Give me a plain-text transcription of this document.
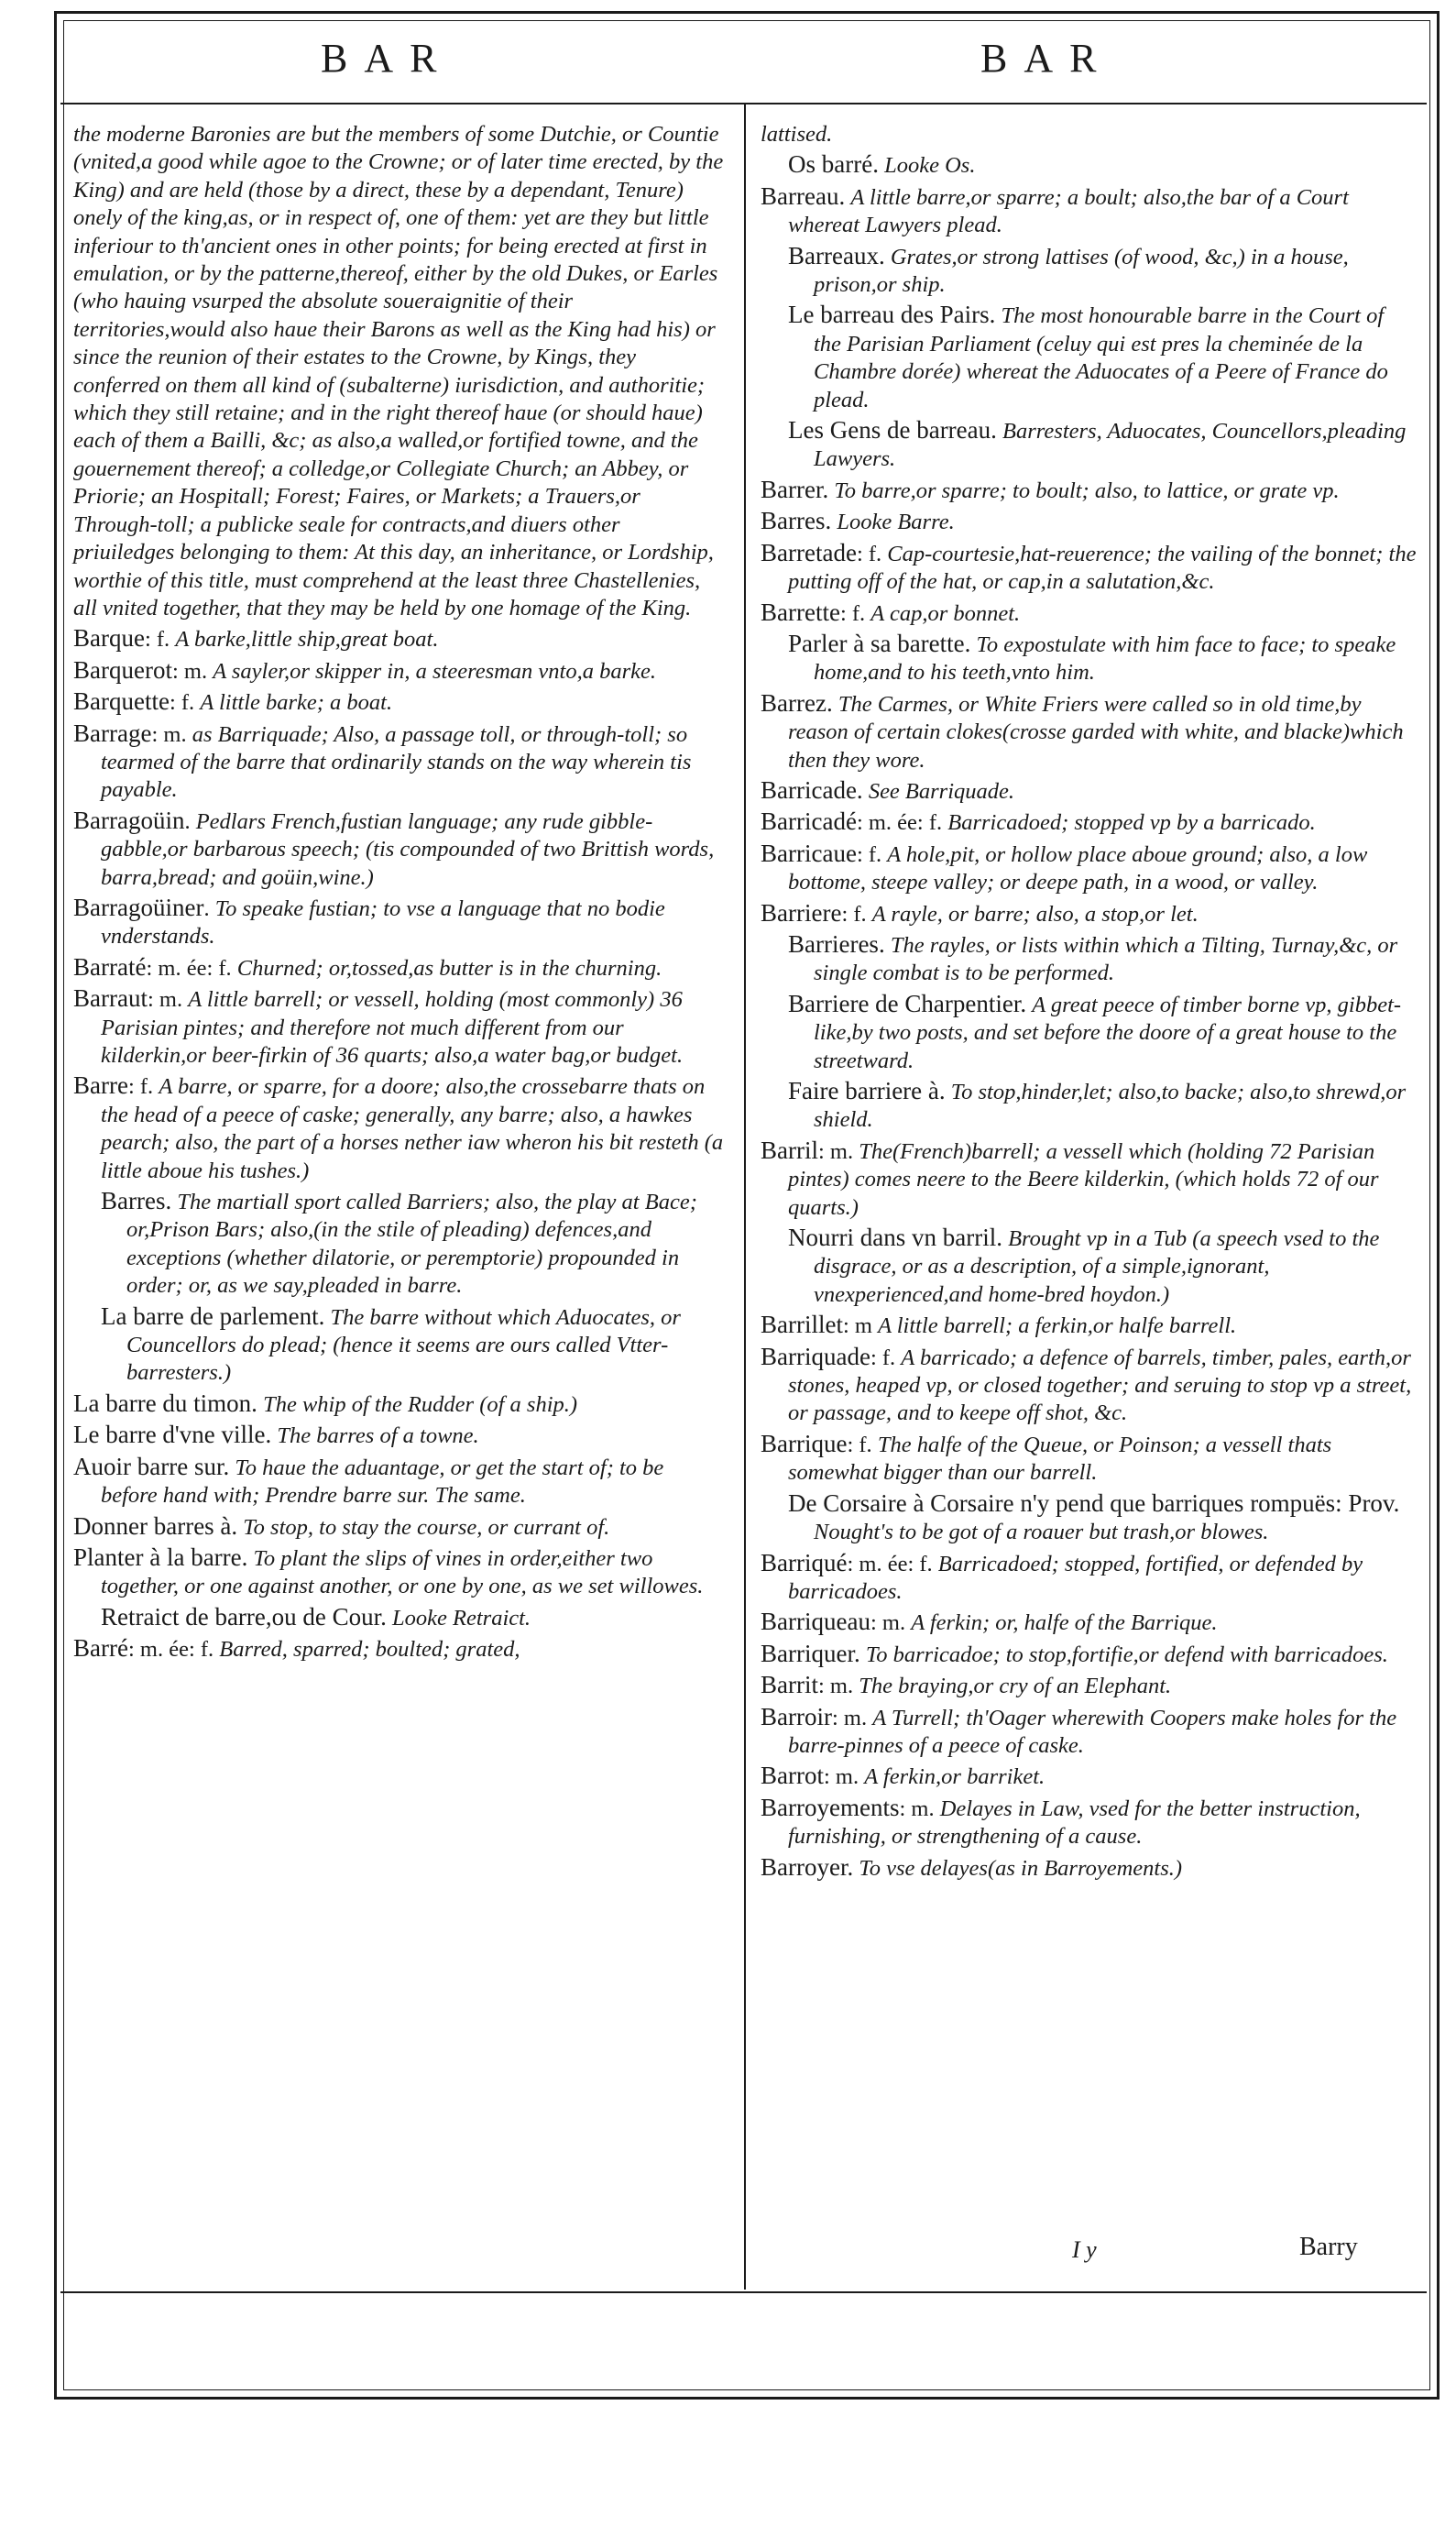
BAR	BAR

the moderne Baronies are but the members of some Dutchie, or Countie (vnited,a good while agoe to the Crowne; or of later time erected, by the King) and are held (those by a direct, these by a dependant, Tenure) onely of the king,as, or in respect of, one of them: yet are they but little inferiour to th'ancient ones in other points; for being erected at first in emulation, or by the patterne,thereof, either by the old Dukes, or Earles (who hauing vsurped the absolute soueraignitie of their territories,would also haue their Barons as well as the King had his) or since the reunion of their estates to the Crowne, by Kings, they conferred on them all kind of (subalterne) iurisdiction, and authoritie; which they still retaine; and in the right thereof haue (or should haue) each of them a Bailli, &c; as also,a walled,or fortified towne, and the gouernement thereof; a colledge,or Collegiate Church; an Abbey, or Priorie; an Hospitall; Forest; Faires, or Markets; a Trauers,or Through-toll; a publicke seale for contracts,and diuers other priuiledges belonging to them: At this day, an inheritance, or Lordship, worthie of this title, must comprehend at the least three Chastellenies, all vnited together, that they may be held by one homage of the King.

Barque: f. A barke,little ship,great boat.

Barquerot: m. A sayler,or skipper in, a steeresman vnto,a barke.

Barquette: f. A little barke; a boat.

Barrage: m. as Barriquade; Also, a passage toll, or through-toll; so tearmed of the barre that ordinarily stands on the way wherein tis payable.

Barragoüin. Pedlars French,fustian language; any rude gibble-gabble,or barbarous speech; (tis compounded of two Brittish words, barra,bread; and goüin,wine.)

Barragoüiner. To speake fustian; to vse a language that no bodie vnderstands.

Barraté: m. ée: f. Churned; or,tossed,as butter is in the churning.

Barraut: m. A little barrell; or vessell, holding (most commonly) 36 Parisian pintes; and therefore not much different from our kilderkin,or beer-firkin of 36 quarts; also,a water bag,or budget.

Barre: f. A barre, or sparre, for a doore; also,the crossebarre thats on the head of a peece of caske; generally, any barre; also, a hawkes pearch; also, the part of a horses nether iaw wheron his bit resteth (a little aboue his tushes.)

Barres. The martiall sport called Barriers; also, the play at Bace; or,Prison Bars; also,(in the stile of pleading) defences,and exceptions (whether dilatorie, or peremptorie) propounded in order; or, as we say,pleaded in barre.

La barre de parlement. The barre without which Aduocates, or Councellors do plead; (hence it seems are ours called Vtter-barresters.)

La barre du timon. The whip of the Rudder (of a ship.)

Le barre d'vne ville. The barres of a towne.

Auoir barre sur. To haue the aduantage, or get the start of; to be before hand with; Prendre barre sur. The same.

Donner barres à. To stop, to stay the course, or currant of.

Planter à la barre. To plant the slips of vines in order,either two together, or one against another, or one by one, as we set willowes.

Retraict de barre,ou de Cour. Looke Retraict.

Barré: m. ée: f. Barred, sparred; boulted; grated,

lattised.

Os barré. Looke Os.

Barreau. A little barre,or sparre; a boult; also,the bar of a Court whereat Lawyers plead.

Barreaux. Grates,or strong lattises (of wood, &c,) in a house, prison,or ship.

Le barreau des Pairs. The most honourable barre in the Court of the Parisian Parliament (celuy qui est pres la cheminée de la Chambre dorée) whereat the Aduocates of a Peere of France do plead.

Les Gens de barreau. Barresters, Aduocates, Councellors,pleading Lawyers.

Barrer. To barre,or sparre; to boult; also, to lattice, or grate vp.

Barres. Looke Barre.

Barretade: f. Cap-courtesie,hat-reuerence; the vailing of the bonnet; the putting off of the hat, or cap,in a salutation,&c.

Barrette: f. A cap,or bonnet.

Parler à sa barette. To expostulate with him face to face; to speake home,and to his teeth,vnto him.

Barrez. The Carmes, or White Friers were called so in old time,by reason of certain clokes(crosse garded with white, and blacke)which then they wore.

Barricade. See Barriquade.

Barricadé: m. ée: f. Barricadoed; stopped vp by a barricado.

Barricaue: f. A hole,pit, or hollow place aboue ground; also, a low bottome, steepe valley; or deepe path, in a wood, or valley.

Barriere: f. A rayle, or barre; also, a stop,or let.

Barrieres. The rayles, or lists within which a Tilting, Turnay,&c, or single combat is to be performed.

Barriere de Charpentier. A great peece of timber borne vp, gibbet-like,by two posts, and set before the doore of a great house to the streetward.

Faire barriere à. To stop,hinder,let; also,to backe; also,to shrewd,or shield.

Barril: m. The(French)barrell; a vessell which (holding 72 Parisian pintes) comes neere to the Beere kilderkin, (which holds 72 of our quarts.)

Nourri dans vn barril. Brought vp in a Tub (a speech vsed to the disgrace, or as a description, of a simple,ignorant, vnexperienced,and home-bred hoydon.)

Barrillet: m A little barrell; a ferkin,or halfe barrell.

Barriquade: f. A barricado; a defence of barrels, timber, pales, earth,or stones, heaped vp, or closed together; and seruing to stop vp a street, or passage, and to keepe off shot, &c.

Barrique: f. The halfe of the Queue, or Poinson; a vessell thats somewhat bigger than our barrell.

De Corsaire à Corsaire n'y pend que barriques rompuës: Prov. Nought's to be got of a roauer but trash,or blowes.

Barriqué: m. ée: f. Barricadoed; stopped, fortified, or defended by barricadoes.

Barriqueau: m. A ferkin; or, halfe of the Barrique.

Barriquer. To barricadoe; to stop,fortifie,or defend with barricadoes.

Barrit: m. The braying,or cry of an Elephant.

Barroir: m. A Turrell; th'Oager wherewith Coopers make holes for the barre-pinnes of a peece of caske.

Barrot: m. A ferkin,or barriket.

Barroyements: m. Delayes in Law, vsed for the better instruction, furnishing, or strengthening of a cause.

Barroyer. To vse delayes(as in Barroyements.)

I y	Barry
